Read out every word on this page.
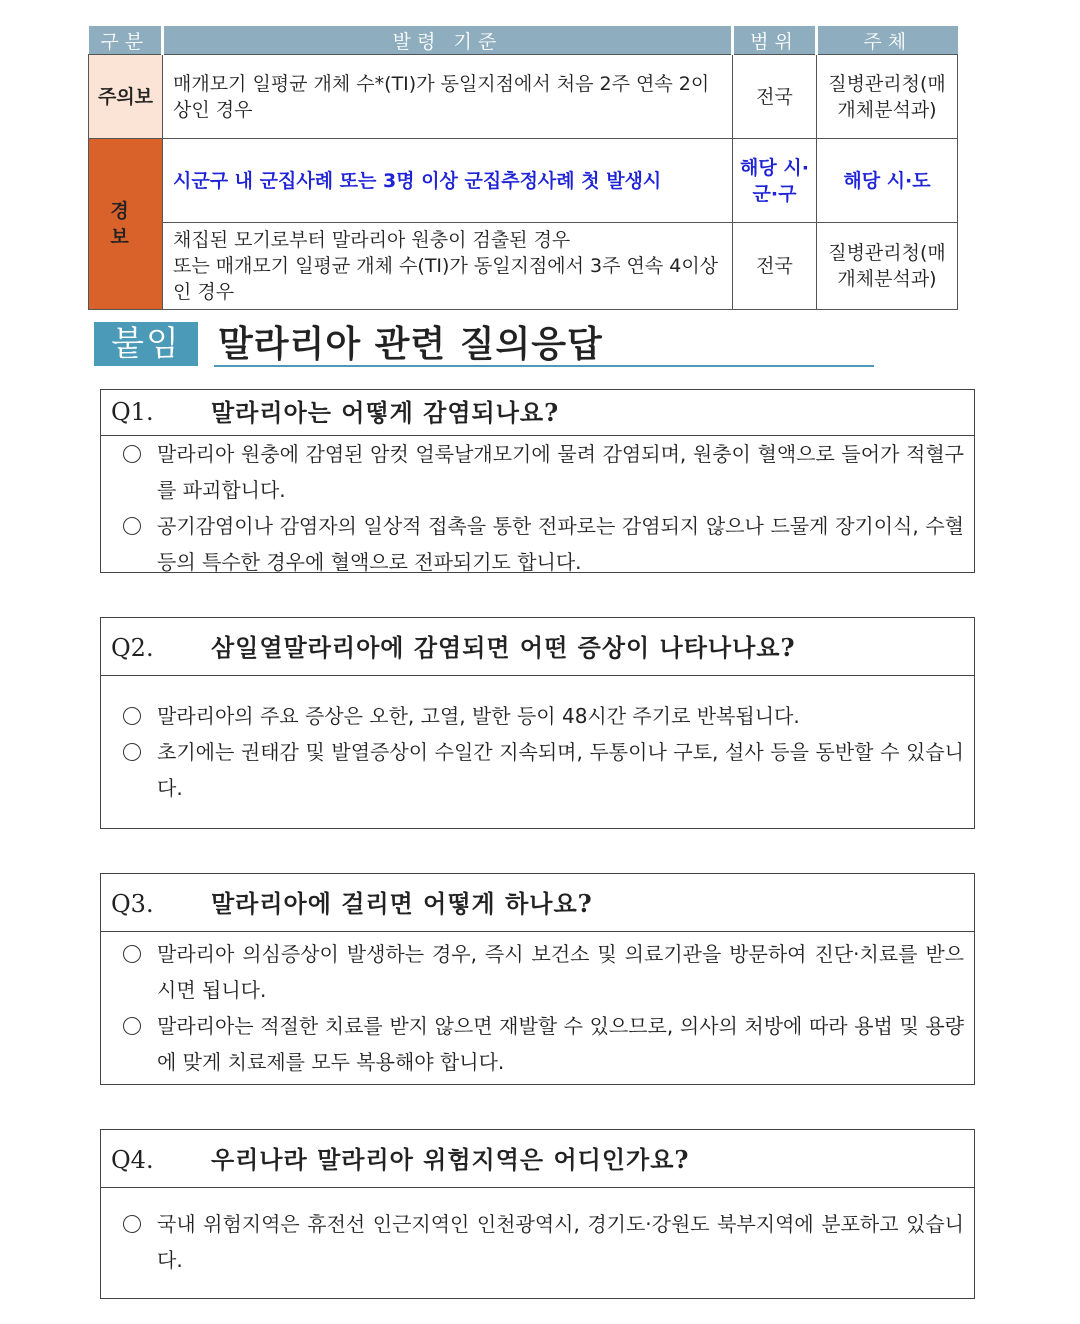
구분	발령 기준	범위	주체
주의보	매개모기 일평균 개체 수*(TI)가 동일지점에서 처음 2주 연속 2이상인 경우	전국	질병관리청(매개체분석과)
경 보	시군구 내 군집사례 또는 3명 이상 군집추정사례 첫 발생시	해당 시·군·구	해당 시·도

	채집된 모기로부터 말라리아 원충이 검출된 경우
또는 매개모기 일평균 개체 수(TI)가 동일지점에서 3주 연속 4이상인 경우	전국	질병관리청(매개체분석과)
붙임	말라리아 관련 질의응답
Q1. 말라리아는 어떻게 감염되나요?
말라리아 원충에 감염된 암컷 얼룩날개모기에 물려 감염되며, 원충이 혈액으로 들어가 적혈구를 파괴합니다.
공기감염이나 감염자의 일상적 접촉을 통한 전파로는 감염되지 않으나 드물게 장기이식, 수혈 등의 특수한 경우에 혈액으로 전파되기도 합니다.
Q2. 삼일열말라리아에 감염되면 어떤 증상이 나타나나요?
말라리아의 주요 증상은 오한, 고열, 발한 등이 48시간 주기로 반복됩니다.
초기에는 권태감 및 발열증상이 수일간 지속되며, 두통이나 구토, 설사 등을 동반할 수 있습니다.
Q3. 말라리아에 걸리면 어떻게 하나요?
말라리아 의심증상이 발생하는 경우, 즉시 보건소 및 의료기관을 방문하여 진단·치료를 받으시면 됩니다.
말라리아는 적절한 치료를 받지 않으면 재발할 수 있으므로, 의사의 처방에 따라 용법 및 용량에 맞게 치료제를 모두 복용해야 합니다.
Q4. 우리나라 말라리아 위험지역은 어디인가요?
국내 위험지역은 휴전선 인근지역인 인천광역시, 경기도·강원도 북부지역에 분포하고 있습니다.
